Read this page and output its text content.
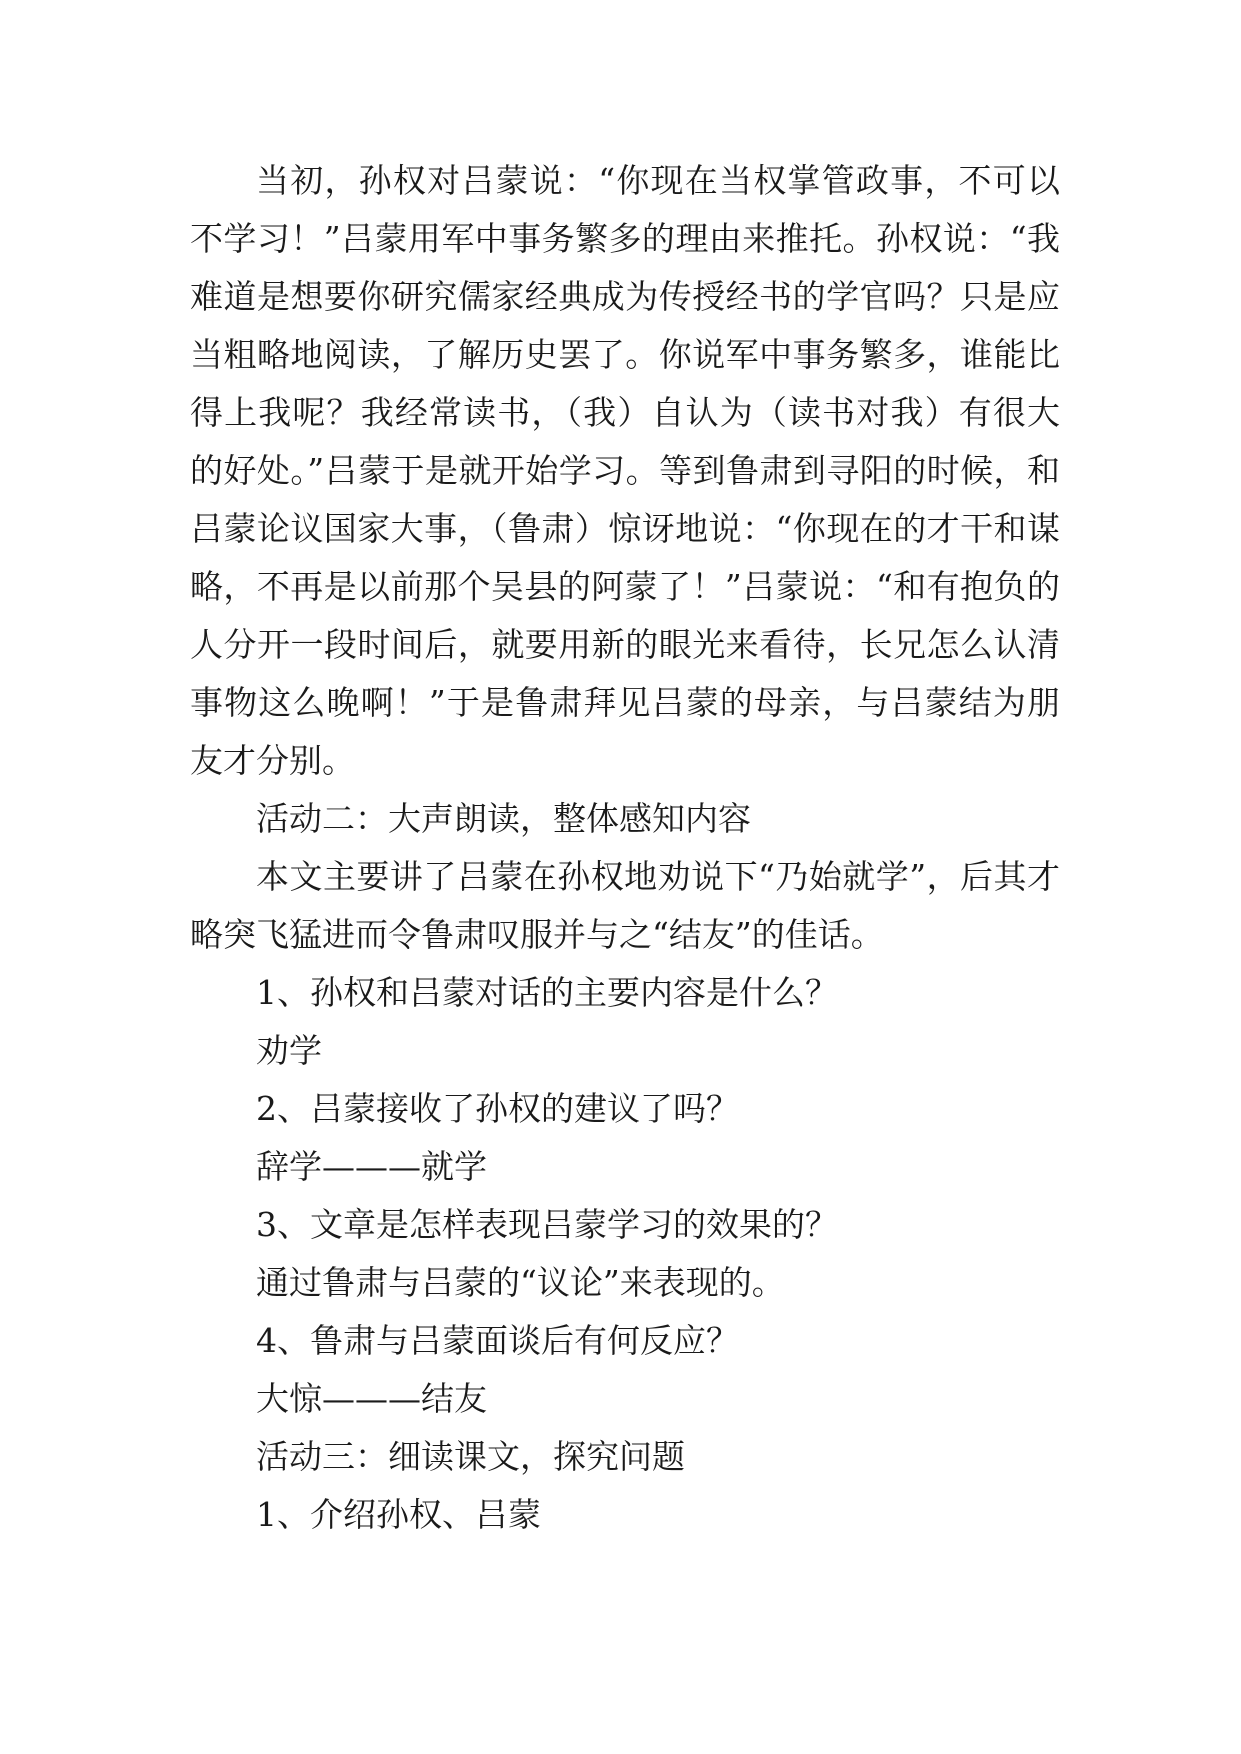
当初，孙权对吕蒙说：“你现在当权掌管政事，不可以不学习！”吕蒙用军中事务繁多的理由来推托。孙权说：“我难道是想要你研究儒家经典成为传授经书的学官吗？只是应当粗略地阅读，了解历史罢了。你说军中事务繁多，谁能比得上我呢？我经常读书，（我）自认为（读书对我）有很大的好处。”吕蒙于是就开始学习。等到鲁肃到寻阳的时候，和吕蒙论议国家大事，（鲁肃）惊讶地说：“你现在的才干和谋略，不再是以前那个吴县的阿蒙了！”吕蒙说：“和有抱负的人分开一段时间后，就要用新的眼光来看待，长兄怎么认清事物这么晚啊！”于是鲁肃拜见吕蒙的母亲，与吕蒙结为朋友才分别。

活动二：大声朗读，整体感知内容

本文主要讲了吕蒙在孙权地劝说下“乃始就学”，后其才略突飞猛进而令鲁肃叹服并与之“结友”的佳话。

1、孙权和吕蒙对话的主要内容是什么？

劝学

2、吕蒙接收了孙权的建议了吗？

辞学———就学

3、文章是怎样表现吕蒙学习的效果的？

通过鲁肃与吕蒙的“议论”来表现的。

4、鲁肃与吕蒙面谈后有何反应？

大惊———结友

活动三：细读课文，探究问题

1、介绍孙权、吕蒙
